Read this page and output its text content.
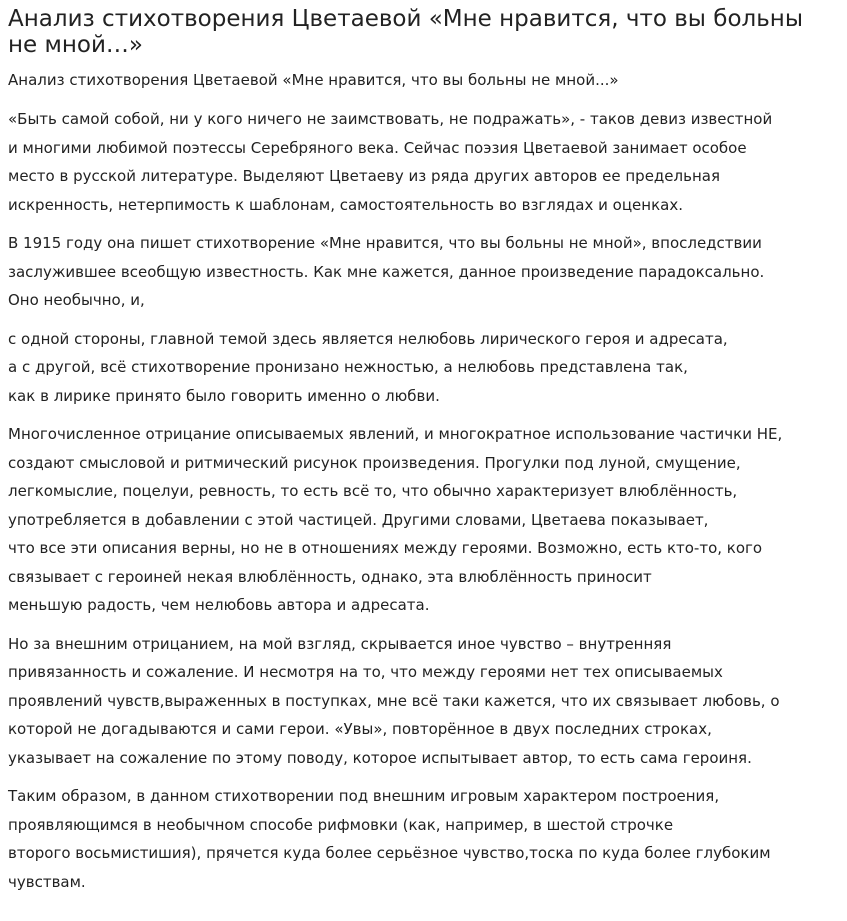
Анализ стихотворения Цветаевой «Мне нравится, что вы больны
не мной…»

Анализ стихотворения Цветаевой «Мне нравится, что вы больны не мной...»

«Быть самой собой, ни у кого ничего не заимствовать, не подражать», - таков девиз известной
и многими любимой поэтессы Серебряного века. Сейчас поэзия Цветаевой занимает особое
место в русской литературе. Выделяют Цветаеву из ряда других авторов ее предельная
искренность, нетерпимость к шаблонам, самостоятельность во взглядах и оценках.

В 1915 году она пишет стихотворение «Мне нравится, что вы больны не мной», впоследствии
заслужившее всеобщую известность. Как мне кажется, данное произведение парадоксально.
Оно необычно, и,

с одной стороны, главной темой здесь является нелюбовь лирического героя и адресата,
а с другой, всё стихотворение пронизано нежностью, а нелюбовь представлена так,
как в лирике принято было говорить именно о любви.

Многочисленное отрицание описываемых явлений, и многократное использование частички НЕ,
создают смысловой и ритмический рисунок произведения. Прогулки под луной, смущение,
легкомыслие, поцелуи, ревность, то есть всё то, что обычно характеризует влюблённость,
употребляется в добавлении с этой частицей. Другими словами, Цветаева показывает,
что все эти описания верны, но не в отношениях между героями. Возможно, есть кто-то, кого
связывает с героиней некая влюблённость, однако, эта влюблённость приносит
меньшую радость, чем нелюбовь автора и адресата.

Но за внешним отрицанием, на мой взгляд, скрывается иное чувство – внутренняя
привязанность и сожаление. И несмотря на то, что между героями нет тех описываемых
проявлений чувств,выраженных в поступках, мне всё таки кажется, что их связывает любовь, о
которой не догадываются и сами герои. «Увы», повторённое в двух последних строках,
указывает на сожаление по этому поводу, которое испытывает автор, то есть сама героиня.

Таким образом, в данном стихотворении под внешним игровым характером построения,
проявляющимся в необычном способе рифмовки (как, например, в шестой строчке
второго восьмистишия), прячется куда более серьёзное чувство,тоска по куда более глубоким
чувствам.
